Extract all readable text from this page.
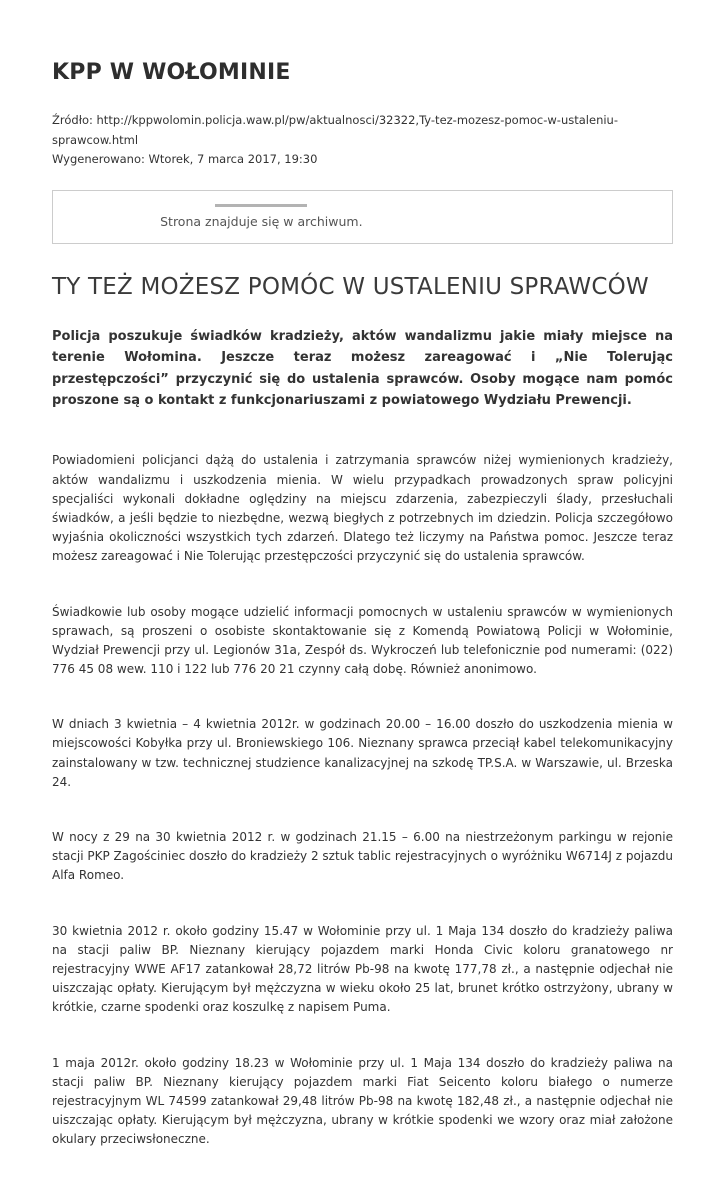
KPP W WOŁOMINIE
Źródło: http://kppwolomin.policja.waw.pl/pw/aktualnosci/32322,Ty-tez-mozesz-pomoc-w-ustaleniu-sprawcow.html
Wygenerowano: Wtorek, 7 marca 2017, 19:30
Strona znajduje się w archiwum.
TY TEŻ MOŻESZ POMÓC W USTALENIU SPRAWCÓW

Policja poszukuje świadków kradzieży, aktów wandalizmu jakie miały miejsce na terenie Wołomina. Jeszcze teraz możesz zareagować i „Nie Tolerując przestępczości” przyczynić się do ustalenia sprawców. Osoby mogące nam pomóc proszone są o kontakt z funkcjonariuszami z powiatowego Wydziału Prewencji.

Powiadomieni policjanci dążą do ustalenia i zatrzymania sprawców niżej wymienionych kradzieży, aktów wandalizmu i uszkodzenia mienia. W wielu przypadkach prowadzonych spraw policyjni specjaliści wykonali dokładne oględziny na miejscu zdarzenia, zabezpieczyli ślady, przesłuchali świadków, a jeśli będzie to niezbędne, wezwą biegłych z potrzebnych im dziedzin. Policja szczegółowo wyjaśnia okoliczności wszystkich tych zdarzeń. Dlatego też liczymy na Państwa pomoc. Jeszcze teraz możesz zareagować i Nie Tolerując przestępczości przyczynić się do ustalenia sprawców.

Świadkowie lub osoby mogące udzielić informacji pomocnych w ustaleniu sprawców w wymienionych sprawach, są proszeni o osobiste skontaktowanie się z Komendą Powiatową Policji w Wołominie, Wydział Prewencji przy ul. Legionów 31a, Zespół ds. Wykroczeń lub telefonicznie pod numerami: (022) 776 45 08 wew. 110 i 122 lub 776 20 21 czynny całą dobę. Również anonimowo.

W dniach 3 kwietnia – 4 kwietnia 2012r. w godzinach 20.00 – 16.00 doszło do uszkodzenia mienia w miejscowości Kobyłka przy ul. Broniewskiego 106. Nieznany sprawca przeciął kabel telekomunikacyjny zainstalowany w tzw. technicznej studzience kanalizacyjnej na szkodę TP.S.A. w Warszawie, ul. Brzeska 24.

W nocy z 29 na 30 kwietnia 2012 r. w godzinach 21.15 – 6.00 na niestrzeżonym parkingu w rejonie stacji PKP Zagościniec doszło do kradzieży 2 sztuk tablic rejestracyjnych o wyróżniku W6714J z pojazdu Alfa Romeo.

30 kwietnia 2012 r. około godziny 15.47 w Wołominie przy ul. 1 Maja 134 doszło do kradzieży paliwa na stacji paliw BP. Nieznany kierujący pojazdem marki Honda Civic koloru granatowego nr rejestracyjny WWE AF17 zatankował 28,72 litrów Pb-98 na kwotę 177,78 zł., a następnie odjechał nie uiszczając opłaty. Kierującym był mężczyzna w wieku około 25 lat, brunet krótko ostrzyżony, ubrany w krótkie, czarne spodenki oraz koszulkę z napisem Puma.

1 maja 2012r. około godziny 18.23 w Wołominie przy ul. 1 Maja 134 doszło do kradzieży paliwa na stacji paliw BP. Nieznany kierujący pojazdem marki Fiat Seicento koloru białego o numerze rejestracyjnym WL 74599 zatankował 29,48 litrów Pb-98 na kwotę 182,48 zł., a następnie odjechał nie uiszczając opłaty. Kierującym był mężczyzna, ubrany w krótkie spodenki we wzory oraz miał założone okulary przeciwsłoneczne.
